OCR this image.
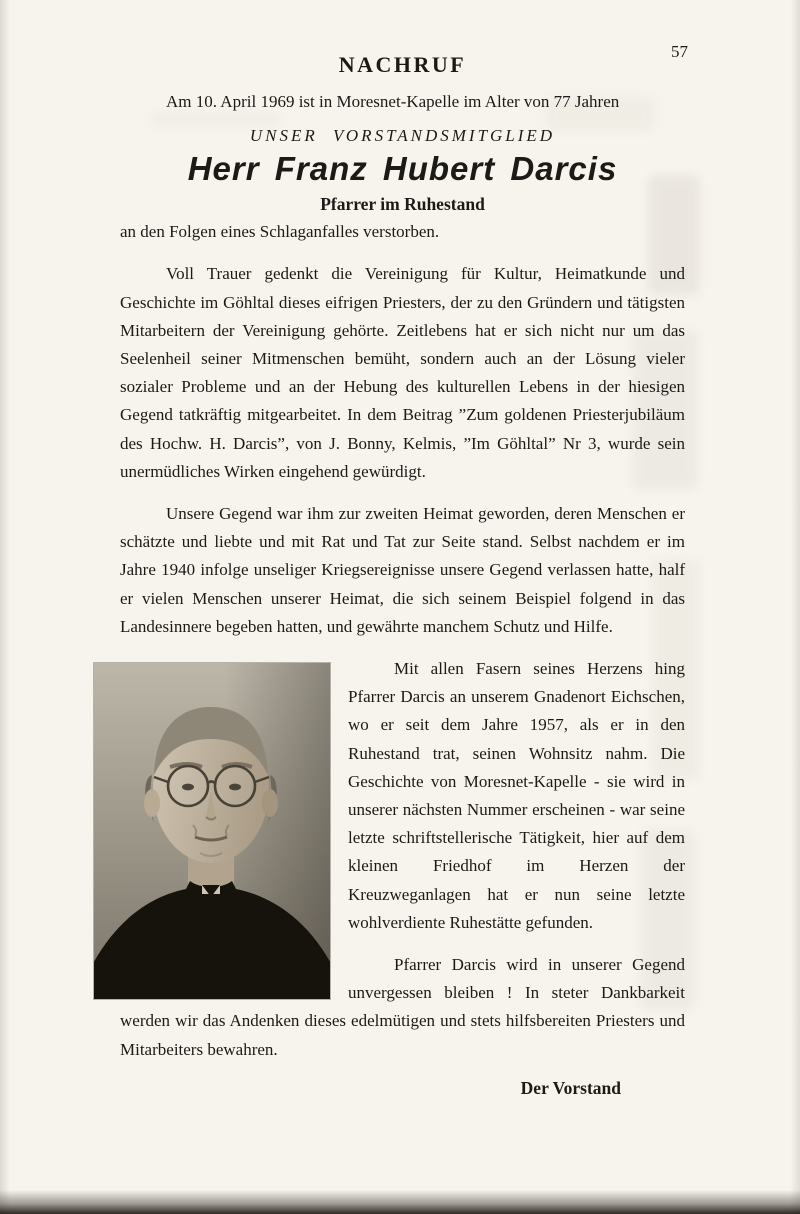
57
NACHRUF

Am 10. April 1969 ist in Moresnet-Kapelle im Alter von 77 Jahren

UNSER VORSTANDSMITGLIED
Herr Franz Hubert Darcis
Pfarrer im Ruhestand

an den Folgen eines Schlaganfalles verstorben.

Voll Trauer gedenkt die Vereinigung für Kultur, Heimatkunde und Geschichte im Göhltal dieses eifrigen Priesters, der zu den Gründern und tätigsten Mitarbeitern der Vereinigung gehörte. Zeitlebens hat er sich nicht nur um das Seelenheil seiner Mitmenschen bemüht, sondern auch an der Lösung vieler sozialer Probleme und an der Hebung des kulturellen Lebens in der hiesigen Gegend tatkräftig mitgearbeitet. In dem Beitrag ”Zum goldenen Priesterjubiläum des Hochw. H. Darcis”, von J. Bonny, Kelmis, ”Im Göhltal” Nr 3, wurde sein unermüdliches Wirken eingehend gewürdigt.

Unsere Gegend war ihm zur zweiten Heimat geworden, deren Menschen er schätzte und liebte und mit Rat und Tat zur Seite stand. Selbst nachdem er im Jahre 1940 infolge unseliger Kriegsereignisse unsere Gegend verlassen hatte, half er vielen Menschen unserer Heimat, die sich seinem Beispiel folgend in das Landesinnere begeben hatten, und gewährte manchem Schutz und Hilfe.

Mit allen Fasern seines Herzens hing Pfarrer Darcis an unserem Gnadenort Eichschen, wo er seit dem Jahre 1957, als er in den Ruhestand trat, seinen Wohnsitz nahm. Die Geschichte von Moresnet-Kapelle - sie wird in unserer nächsten Nummer erscheinen - war seine letzte schriftstellerische Tätigkeit, hier auf dem kleinen Friedhof im Herzen der Kreuzweganlagen hat er nun seine letzte wohlverdiente Ruhestätte gefunden.

Pfarrer Darcis wird in unserer Gegend unvergessen bleiben ! In steter Dankbarkeit werden wir das Andenken dieses edelmütigen und stets hilfsbereiten Priesters und Mitarbeiters bewahren.

Der Vorstand
